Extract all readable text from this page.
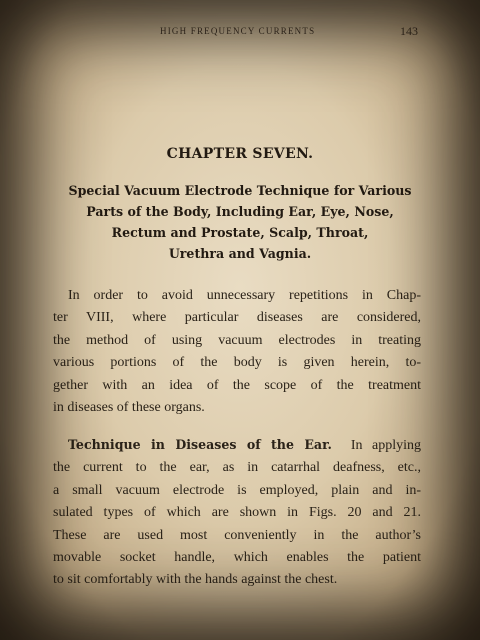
HIGH FREQUENCY CURRENTS	143
CHAPTER SEVEN.
Special Vacuum Electrode Technique for Various
Parts of the Body, Including Ear, Eye, Nose,
Rectum and Prostate, Scalp, Throat,
Urethra and Vagnia.
In order to avoid unnecessary repetitions in Chap-
ter VIII, where particular diseases are considered,
the method of using vacuum electrodes in treating
various portions of the body is given herein, to-
gether with an idea of the scope of the treatment
in diseases of these organs.
Technique in Diseases of the Ear. In applying
the current to the ear, as in catarrhal deafness, etc.,
a small vacuum electrode is employed, plain and in-
sulated types of which are shown in Figs. 20 and 21.
These are used most conveniently in the author’s
movable socket handle, which enables the patient
to sit comfortably with the hands against the chest.
